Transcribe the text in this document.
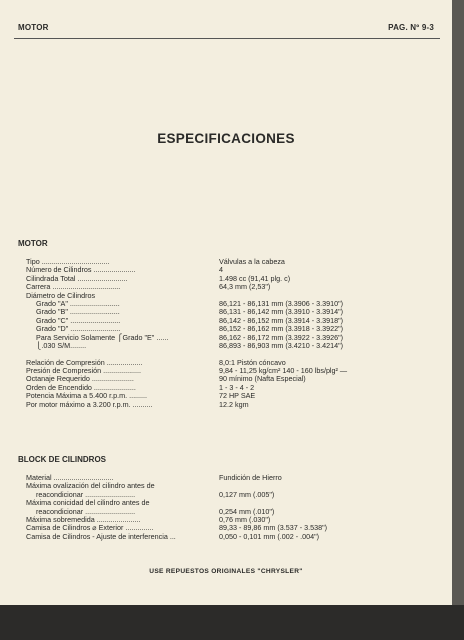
MOTOR	PAG. Nº 9-3
ESPECIFICACIONES
MOTOR
Tipo ..................................	Válvulas a la cabeza
Número de Cilindros .....................	4
Cilindrada Total .........................	1.498 cc (91,41 plg. c)
Carrera ..................................	64,3 mm (2,53")
Diámetro de Cilindros
Grado "A" .........................	86,121 - 86,131 mm (3.3906 - 3.3910")
Grado "B" .........................	86,131 - 86,142 mm (3.3910 - 3.3914")
Grado "C" .........................	86,142 - 86,152 mm (3.3914 - 3.3918")
Grado "D" .........................	86,152 - 86,162 mm (3.3918 - 3.3922")
Para Servicio Solamente ⎧Grado "E" ......	86,162 - 86,172 mm (3.3922 - 3.3926")
⎩.030 S/M........	86,893 - 86,903 mm (3.4210 - 3.4214")
Relación de Compresión ..................	8,0:1 Pistón cóncavo
Presión de Compresión ...................	9,84 - 11,25 kg/cm² 140 - 160 lbs/plg² —
Octanaje Requerido .....................	90 mínimo (Nafta Especial)
Orden de Encendido .....................	1 - 3 - 4 - 2
Potencia Máxima a 5.400 r.p.m. .........	72 HP SAE
Por motor máximo a 3.200 r.p.m. ..........	12.2 kgm
BLOCK DE CILINDROS
Material ..............................	Fundición de Hierro
Máxima ovalización del cilindro antes de
reacondicionar .........................	0,127 mm (.005")
Máxima conicidad del cilindro antes de
reacondicionar .........................	0,254 mm (.010")
Máxima sobremedida ......................	0,76 mm (.030")
Camisa de Cilindros ⌀ Exterior ..............	89,33 - 89,86 mm (3.537 - 3.538")
Camisa de Cilindros - Ajuste de interferencia ...	0,050 - 0,101 mm (.002 - .004")
USE REPUESTOS ORIGINALES "CHRYSLER"
